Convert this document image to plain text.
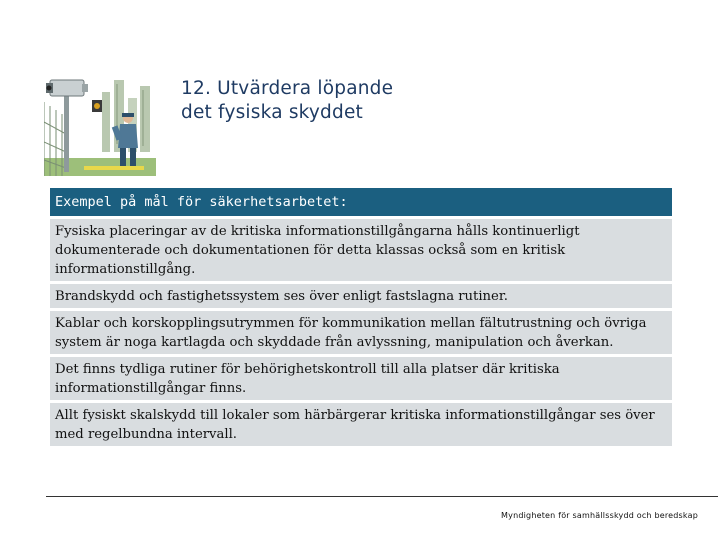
12. Utvärdera löpande
det fysiska skyddet
Exempel på mål för säkerhetsarbetet:
Fysiska placeringar av de kritiska informationstillgångarna hålls kontinuerligt dokumenterade och dokumentationen för detta klassas också som en kritisk informationstillgång.
Brandskydd och fastighetssystem ses över enligt fastslagna rutiner.
Kablar och korskopplingsutrymmen för kommunikation mellan fältutrustning och övriga system är noga kartlagda och skyddade från avlyssning, manipulation och åverkan.
Det finns tydliga rutiner för behörighetskontroll till alla platser där kritiska informationstillgångar finns.
Allt fysiskt skalskydd till lokaler som härbärgerar kritiska informationstillgångar ses över med regelbundna intervall.
Myndigheten för samhällsskydd och beredskap
